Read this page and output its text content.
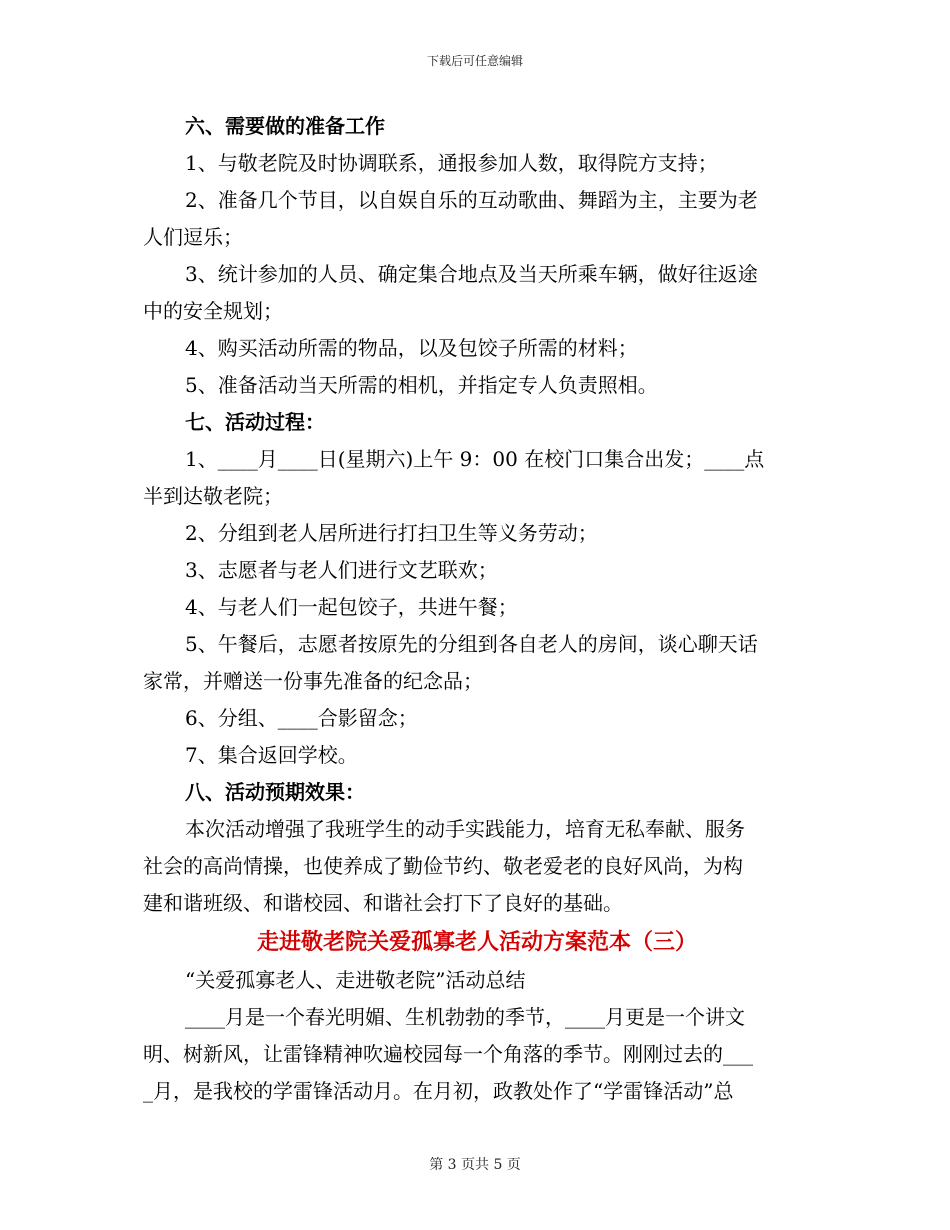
下载后可任意编辑
六、需要做的准备工作
1、与敬老院及时协调联系，通报参加人数，取得院方支持；
2、准备几个节目，以自娱自乐的互动歌曲、舞蹈为主，主要为老
人们逗乐；
3、统计参加的人员、确定集合地点及当天所乘车辆，做好往返途
中的安全规划；
4、购买活动所需的物品，以及包饺子所需的材料；
5、准备活动当天所需的相机，并指定专人负责照相。
七、活动过程：
1、____月____日(星期六)上午 9：00 在校门口集合出发；____点
半到达敬老院；
2、分组到老人居所进行打扫卫生等义务劳动；
3、志愿者与老人们进行文艺联欢；
4、与老人们一起包饺子，共进午餐；
5、午餐后，志愿者按原先的分组到各自老人的房间，谈心聊天话
家常，并赠送一份事先准备的纪念品；
6、分组、____合影留念；
7、集合返回学校。
八、活动预期效果：
本次活动增强了我班学生的动手实践能力，培育无私奉献、服务
社会的高尚情操，也使养成了勤俭节约、敬老爱老的良好风尚，为构
建和谐班级、和谐校园、和谐社会打下了良好的基础。
走进敬老院关爱孤寡老人活动方案范本（三）
“关爱孤寡老人、走进敬老院”活动总结
____月是一个春光明媚、生机勃勃的季节，____月更是一个讲文
明、树新风，让雷锋精神吹遍校园每一个角落的季节。刚刚过去的___
_月，是我校的学雷锋活动月。在月初，政教处作了“学雷锋活动”总
第 3 页共 5 页
